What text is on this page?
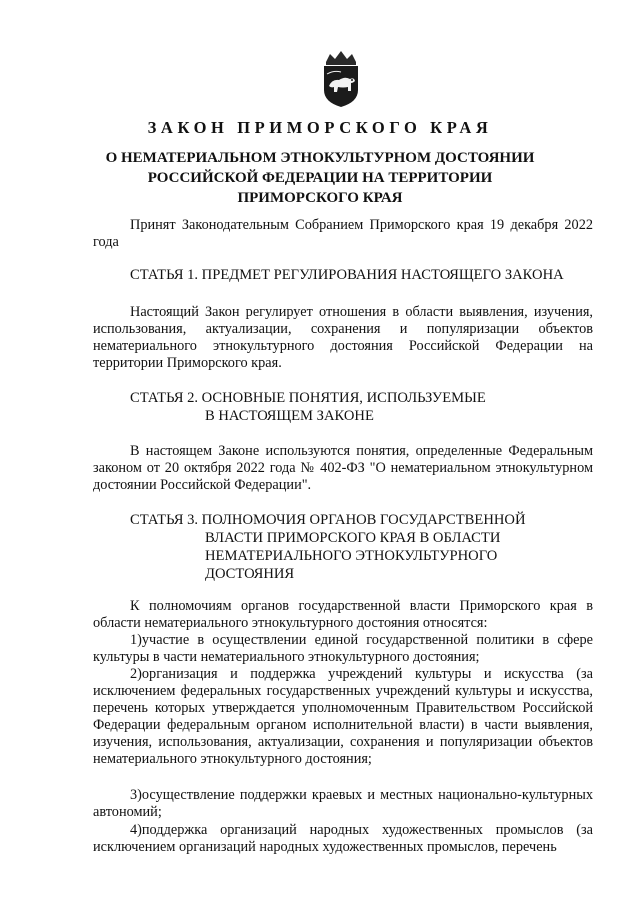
ЗАКОН ПРИМОРСКОГО КРАЯ
О НЕМАТЕРИАЛЬНОМ ЭТНОКУЛЬТУРНОМ ДОСТОЯНИИ
РОССИЙСКОЙ ФЕДЕРАЦИИ НА ТЕРРИТОРИИ
ПРИМОРСКОГО КРАЯ
Принят Законодательным Собранием Приморского края 19 декабря 2022 года
СТАТЬЯ 1. ПРЕДМЕТ РЕГУЛИРОВАНИЯ НАСТОЯЩЕГО ЗАКОНА
Настоящий Закон регулирует отношения в области выявления, изучения, использования, актуализации, сохранения и популяризации объектов нематериального этнокультурного достояния Российской Федерации на территории Приморского края.
СТАТЬЯ 2. ОСНОВНЫЕ ПОНЯТИЯ, ИСПОЛЬЗУЕМЫЕ
В НАСТОЯЩЕМ ЗАКОНЕ
В настоящем Законе используются понятия, определенные Федеральным законом от 20 октября 2022 года № 402-ФЗ "О нематериальном этнокультурном достоянии Российской Федерации".
СТАТЬЯ 3. ПОЛНОМОЧИЯ ОРГАНОВ ГОСУДАРСТВЕННОЙ
ВЛАСТИ ПРИМОРСКОГО КРАЯ В ОБЛАСТИ
НЕМАТЕРИАЛЬНОГО ЭТНОКУЛЬТУРНОГО
ДОСТОЯНИЯ
К полномочиям органов государственной власти Приморского края в области нематериального этнокультурного достояния относятся:
1)участие в осуществлении единой государственной политики в сфере культуры в части нематериального этнокультурного достояния;
2)организация и поддержка учреждений культуры и искусства (за исключением федеральных государственных учреждений культуры и искусства, перечень которых утверждается уполномоченным Правительством Российской Федерации федеральным органом исполнительной власти) в части выявления, изучения, использования, актуализации, сохранения и популяризации объектов нематериального этнокультурного достояния;
3)осуществление поддержки краевых и местных национально-культурных автономий;
4)поддержка организаций народных художественных промыслов (за исключением организаций народных художественных промыслов, перечень
